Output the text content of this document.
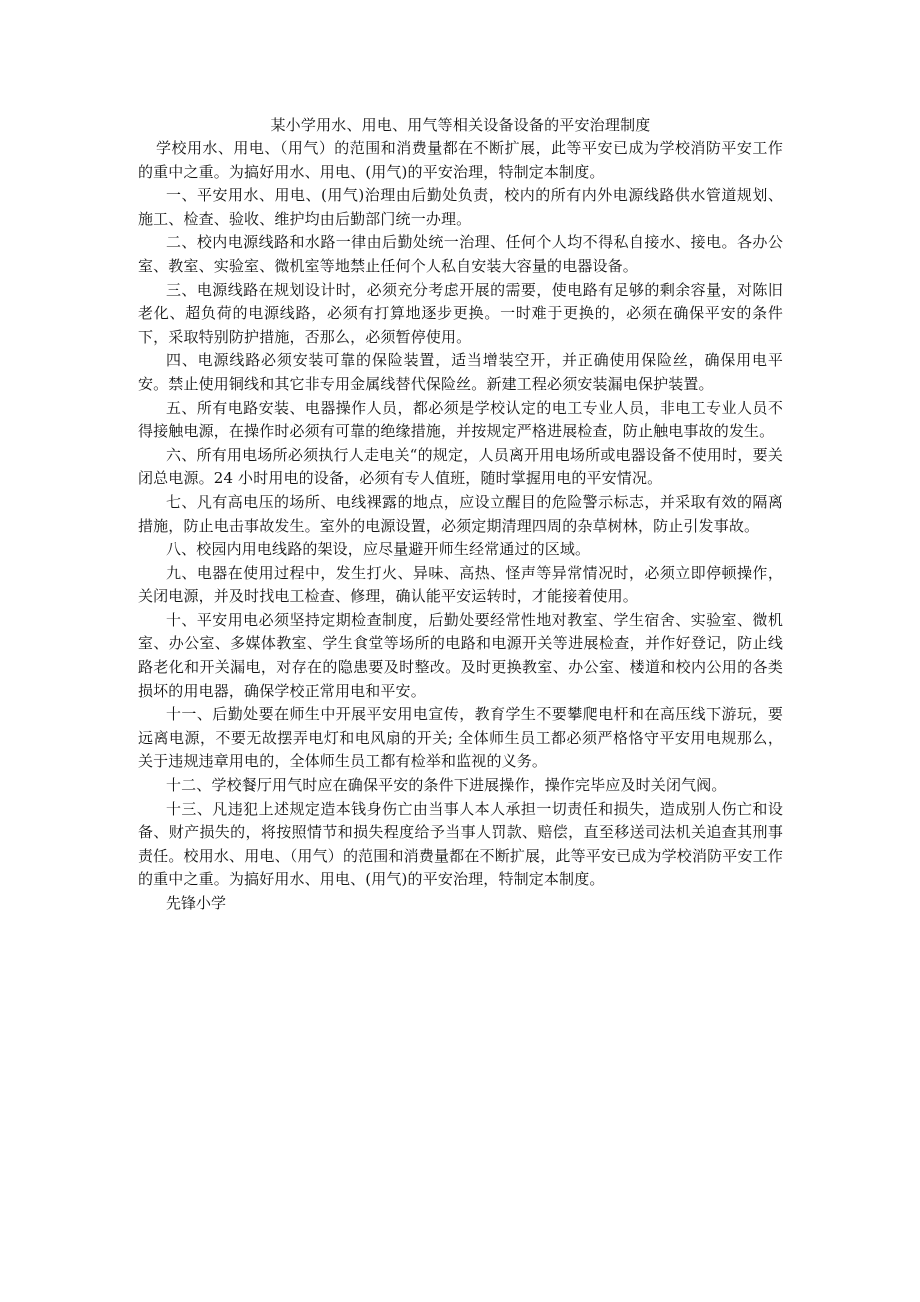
某小学用水、用电、用气等相关设备设备的平安治理制度

学校用水、用电、（用气）的范围和消费量都在不断扩展，此等平安已成为学校消防平安工作的重中之重。为搞好用水、用电、(用气)的平安治理，特制定本制度。

一、平安用水、用电、(用气)治理由后勤处负责，校内的所有内外电源线路供水管道规划、施工、检查、验收、维护均由后勤部门统一办理。

二、校内电源线路和水路一律由后勤处统一治理、任何个人均不得私自接水、接电。各办公室、教室、实验室、微机室等地禁止任何个人私自安装大容量的电器设备。

三、电源线路在规划设计时，必须充分考虑开展的需要，使电路有足够的剩余容量，对陈旧老化、超负荷的电源线路，必须有打算地逐步更换。一时难于更换的，必须在确保平安的条件下，采取特别防护措施，否那么，必须暂停使用。

四、电源线路必须安装可靠的保险装置，适当增装空开，并正确使用保险丝，确保用电平安。禁止使用铜线和其它非专用金属线替代保险丝。新建工程必须安装漏电保护装置。

五、所有电路安装、电器操作人员，都必须是学校认定的电工专业人员，非电工专业人员不得接触电源，在操作时必须有可靠的绝缘措施，并按规定严格进展检查，防止触电事故的发生。

六、所有用电场所必须执行人走电关“的规定，人员离开用电场所或电器设备不使用时，要关闭总电源。24 小时用电的设备，必须有专人值班，随时掌握用电的平安情况。

七、凡有高电压的场所、电线裸露的地点，应设立醒目的危险警示标志，并采取有效的隔离措施，防止电击事故发生。室外的电源设置，必须定期清理四周的杂草树林，防止引发事故。

八、校园内用电线路的架设，应尽量避开师生经常通过的区域。

九、电器在使用过程中，发生打火、异味、高热、怪声等异常情况时，必须立即停顿操作，关闭电源，并及时找电工检查、修理，确认能平安运转时，才能接着使用。

十、平安用电必须坚持定期检查制度，后勤处要经常性地对教室、学生宿舍、实验室、微机室、办公室、多媒体教室、学生食堂等场所的电路和电源开关等进展检查，并作好登记，防止线路老化和开关漏电，对存在的隐患要及时整改。及时更换教室、办公室、楼道和校内公用的各类损坏的用电器，确保学校正常用电和平安。

十一、后勤处要在师生中开展平安用电宣传，教育学生不要攀爬电杆和在高压线下游玩，要远离电源，不要无故摆弄电灯和电风扇的开关; 全体师生员工都必须严格恪守平安用电规那么，关于违规违章用电的，全体师生员工都有检举和监视的义务。

十二、学校餐厅用气时应在确保平安的条件下进展操作，操作完毕应及时关闭气阀。

十三、凡违犯上述规定造本钱身伤亡由当事人本人承担一切责任和损失，造成别人伤亡和设备、财产损失的，将按照情节和损失程度给予当事人罚款、赔偿，直至移送司法机关追查其刑事责任。校用水、用电、（用气）的范围和消费量都在不断扩展，此等平安已成为学校消防平安工作的重中之重。为搞好用水、用电、(用气)的平安治理，特制定本制度。

先锋小学
